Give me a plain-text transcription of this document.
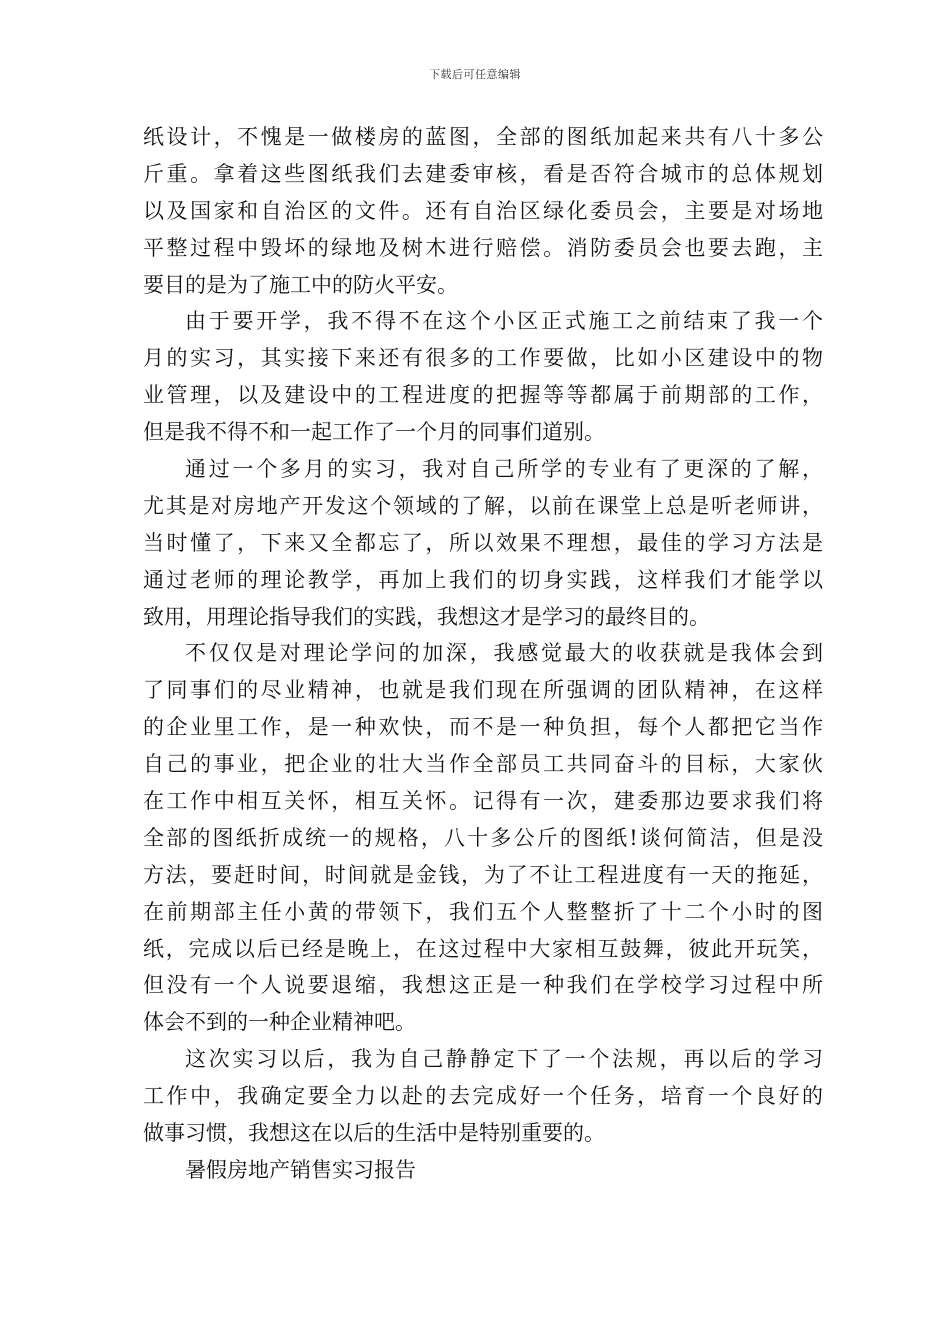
下载后可任意编辑
纸设计，不愧是一做楼房的蓝图，全部的图纸加起来共有八十多公
斤重。拿着这些图纸我们去建委审核，看是否符合城市的总体规划
以及国家和自治区的文件。还有自治区绿化委员会，主要是对场地
平整过程中毁坏的绿地及树木进行赔偿。消防委员会也要去跑，主
要目的是为了施工中的防火平安。
由于要开学，我不得不在这个小区正式施工之前结束了我一个
月的实习，其实接下来还有很多的工作要做，比如小区建设中的物
业管理，以及建设中的工程进度的把握等等都属于前期部的工作，
但是我不得不和一起工作了一个月的同事们道别。
通过一个多月的实习，我对自己所学的专业有了更深的了解，
尤其是对房地产开发这个领域的了解，以前在课堂上总是听老师讲，
当时懂了，下来又全都忘了，所以效果不理想，最佳的学习方法是
通过老师的理论教学，再加上我们的切身实践，这样我们才能学以
致用，用理论指导我们的实践，我想这才是学习的最终目的。
不仅仅是对理论学问的加深，我感觉最大的收获就是我体会到
了同事们的尽业精神，也就是我们现在所强调的团队精神，在这样
的企业里工作，是一种欢快，而不是一种负担，每个人都把它当作
自己的事业，把企业的壮大当作全部员工共同奋斗的目标，大家伙
在工作中相互关怀，相互关怀。记得有一次，建委那边要求我们将
全部的图纸折成统一的规格，八十多公斤的图纸!谈何简洁，但是没
方法，要赶时间，时间就是金钱，为了不让工程进度有一天的拖延，
在前期部主任小黄的带领下，我们五个人整整折了十二个小时的图
纸，完成以后已经是晚上，在这过程中大家相互鼓舞，彼此开玩笑，
但没有一个人说要退缩，我想这正是一种我们在学校学习过程中所
体会不到的一种企业精神吧。
这次实习以后，我为自己静静定下了一个法规，再以后的学习
工作中，我确定要全力以赴的去完成好一个任务，培育一个良好的
做事习惯，我想这在以后的生活中是特别重要的。
暑假房地产销售实习报告
